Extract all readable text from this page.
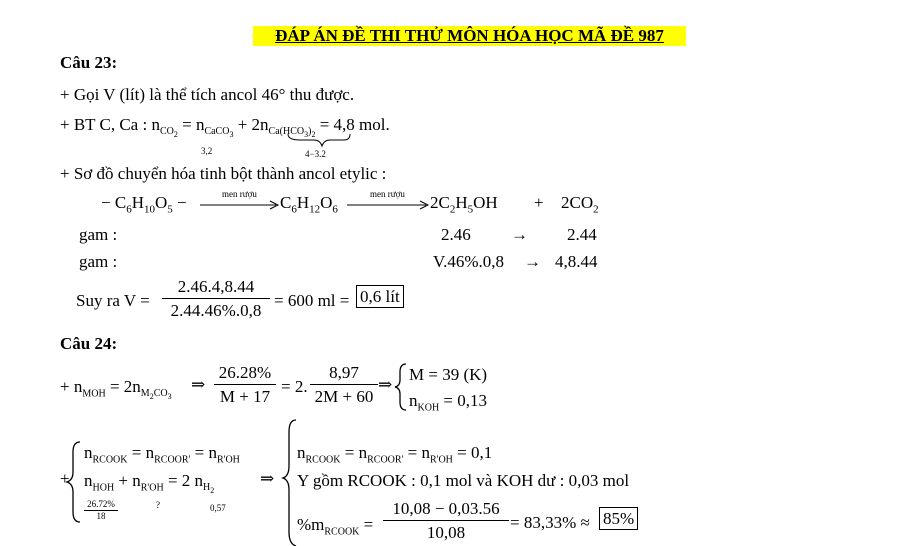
ĐÁP ÁN ĐỀ THI THỬ MÔN HÓA HỌC MÃ ĐỀ 987
Câu 23:
+ Gọi V (lít) là thể tích ancol 46° thu được.
+ BT C, Ca : $n_{CO_2} = n_{CaCO_3} + 2n_{Ca(HCO_3)_2} = 4,8$ mol.
3,2	4−3.2
+ Sơ đồ chuyển hóa tinh bột thành ancol etylic :
− $C_6H_{10}O_5$ −	men rượu $C_6H_{12}O_6$
men rượu $2C_2H_5OH + 2CO_2$
gam :	2.46 → 2.44
gam :	V.46%.0,8 → 4,8.44
Suy ra $V = \frac{2.46.4,8.44}{2.44.46\%.0,8} = 600$ ml = 0,6 lít
Câu 24:
+ $n_{MOH} = 2n_{M_2CO_3}$
⇒ $\frac{26.28\%}{M + 17} = 2$. $\frac{8,97}{2M + 60}$ ⇒
M = 39 (K)
$n_{KOH} = 0,13$
+
$n_{RCOOK} = n_{RCOOR'} = n_{R'OH}$
$n_{HOH} + n_{R'OH} = 2$ $n_{H_2}$
$\frac{26.72\%}{18}$	?	0,57
⇒
$n_{RCOOK} = n_{RCOOR'} = n_{R'OH} = 0,1$
Y gồm RCOOK : 0,1 mol và KOH dư : 0,03 mol
$\%m_{RCOOK} = \frac{10,08 - 0,03.56}{10,08} = 83,33\% \approx 85\%$
